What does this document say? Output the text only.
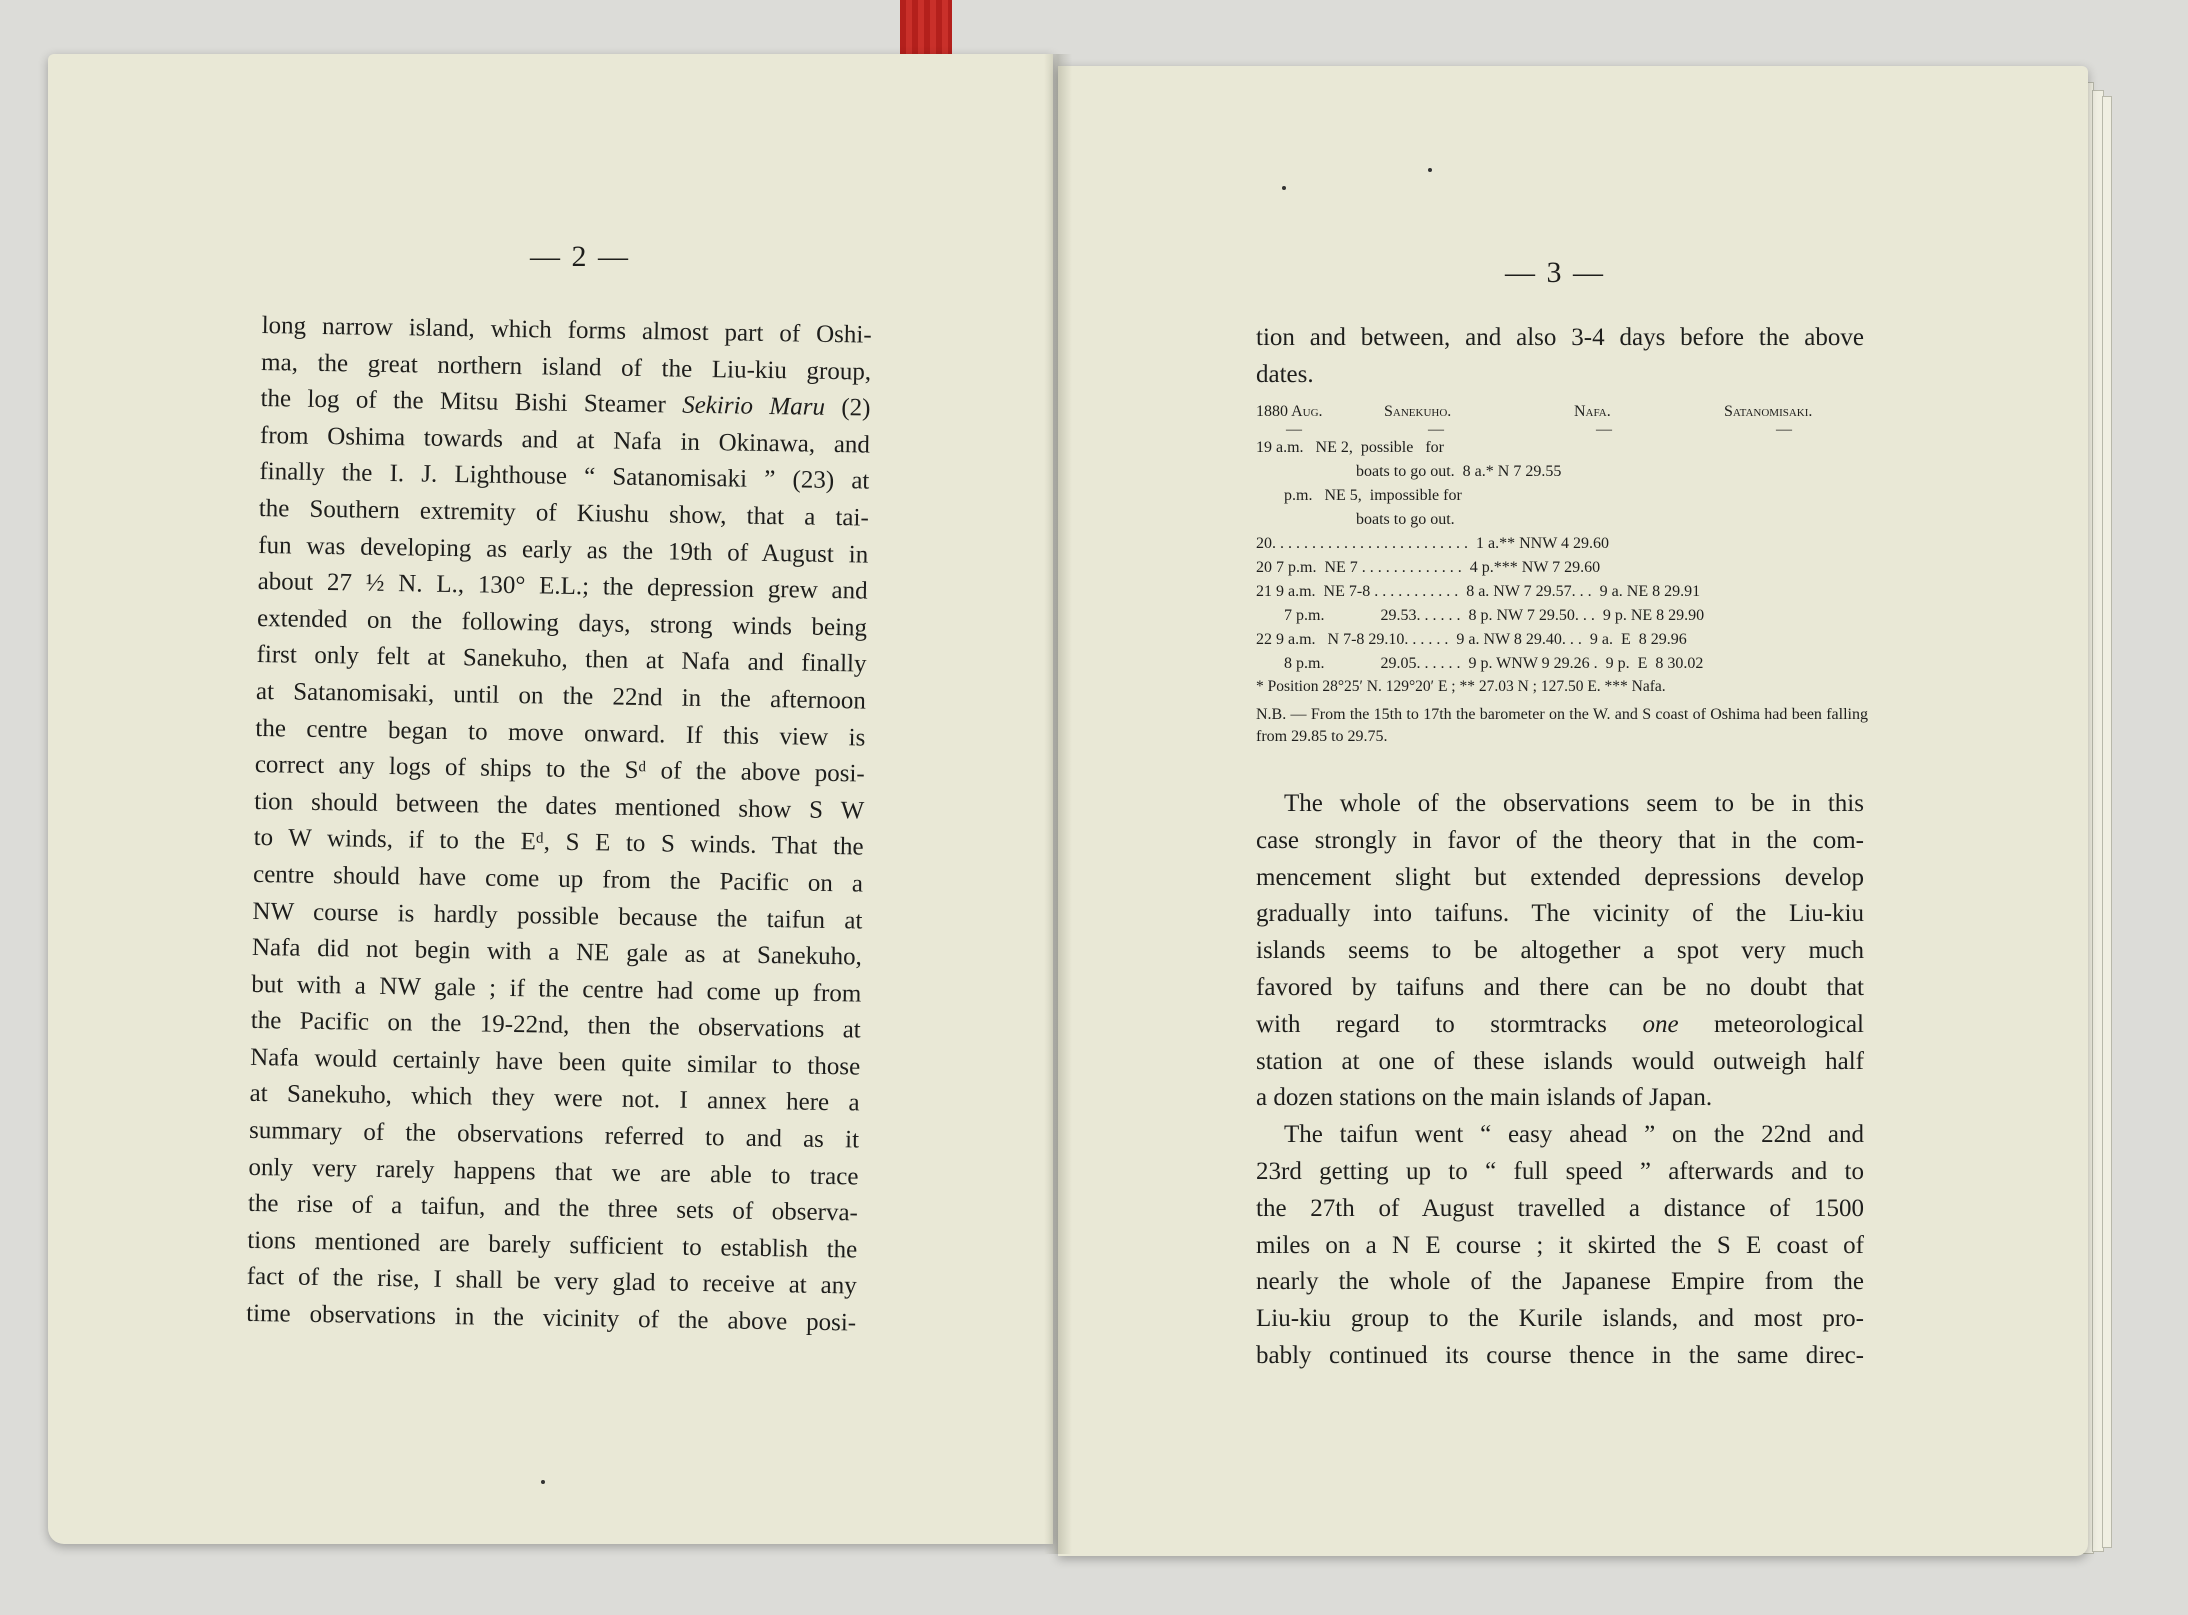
— 2 —	— 3 —
long narrow island, which forms almost part of Oshi-
ma, the great northern island of the Liu-kiu group,
the log of the Mitsu Bishi Steamer Sekirio Maru (2)
from Oshima towards and at Nafa in Okinawa, and
finally the I. J. Lighthouse “ Satanomisaki ” (23) at
the Southern extremity of Kiushu show, that a tai-
fun was developing as early as the 19th of August in
about 27 ½ N. L., 130° E.L.; the depression grew and
extended on the following days, strong winds being
first only felt at Sanekuho, then at Nafa and finally
at Satanomisaki, until on the 22nd in the afternoon
the centre began to move onward. If this view is
correct any logs of ships to the Sᵈ of the above posi-
tion should between the dates mentioned show S W
to W winds, if to the Eᵈ, S E to S winds. That the
centre should have come up from the Pacific on a
NW course is hardly possible because the taifun at
Nafa did not begin with a NE gale as at Sanekuho,
but with a NW gale ; if the centre had come up from
the Pacific on the 19-22nd, then the observations at
Nafa would certainly have been quite similar to those
at Sanekuho, which they were not. I annex here a
summary of the observations referred to and as it
only very rarely happens that we are able to trace
the rise of a taifun, and the three sets of observa-
tions mentioned are barely sufficient to establish the
fact of the rise, I shall be very glad to receive at any
time observations in the vicinity of the above posi-
tion and between, and also 3-4 days before the above
dates.
1880 Aug.	Sanekuho.	Nafa.	Satanomisaki.
—	—	—	—
19 a.m.   NE 2,  possible   for
boats to go out.  8 a.* N 7 29.55
p.m.   NE 5,  impossible for
boats to go out.
20. . . . . . . . . . . . . . . . . . . . . . . . .  1 a.** NNW 4 29.60
20 7 p.m.  NE 7 . . . . . . . . . . . . .  4 p.*** NW 7 29.60
21 9 a.m.  NE 7-8 . . . . . . . . . . .  8 a. NW 7 29.57. . .  9 a. NE 8 29.91
7 p.m.              29.53. . . . . .  8 p. NW 7 29.50. . .  9 p. NE 8 29.90
22 9 a.m.   N 7-8 29.10. . . . . .  9 a. NW 8 29.40. . .  9 a.  E  8 29.96
8 p.m.              29.05. . . . . .  9 p. WNW 9 29.26 .  9 p.  E  8 30.02
* Position 28°25′ N. 129°20′ E ; ** 27.03 N ; 127.50 E. *** Nafa.
N.B. — From the 15th to 17th the barometer on the W. and S coast of Oshima had been falling from 29.85 to 29.75.
The whole of the observations seem to be in this
case strongly in favor of the theory that in the com-
mencement slight but extended depressions develop
gradually into taifuns. The vicinity of the Liu-kiu
islands seems to be altogether a spot very much
favored by taifuns and there can be no doubt that
with regard to stormtracks one meteorological
station at one of these islands would outweigh half
a dozen stations on the main islands of Japan.
The taifun went “ easy ahead ” on the 22nd and
23rd getting up to “ full speed ” afterwards and to
the 27th of August travelled a distance of 1500
miles on a N E course ; it skirted the S E coast of
nearly the whole of the Japanese Empire from the
Liu-kiu group to the Kurile islands, and most pro-
bably continued its course thence in the same direc-
